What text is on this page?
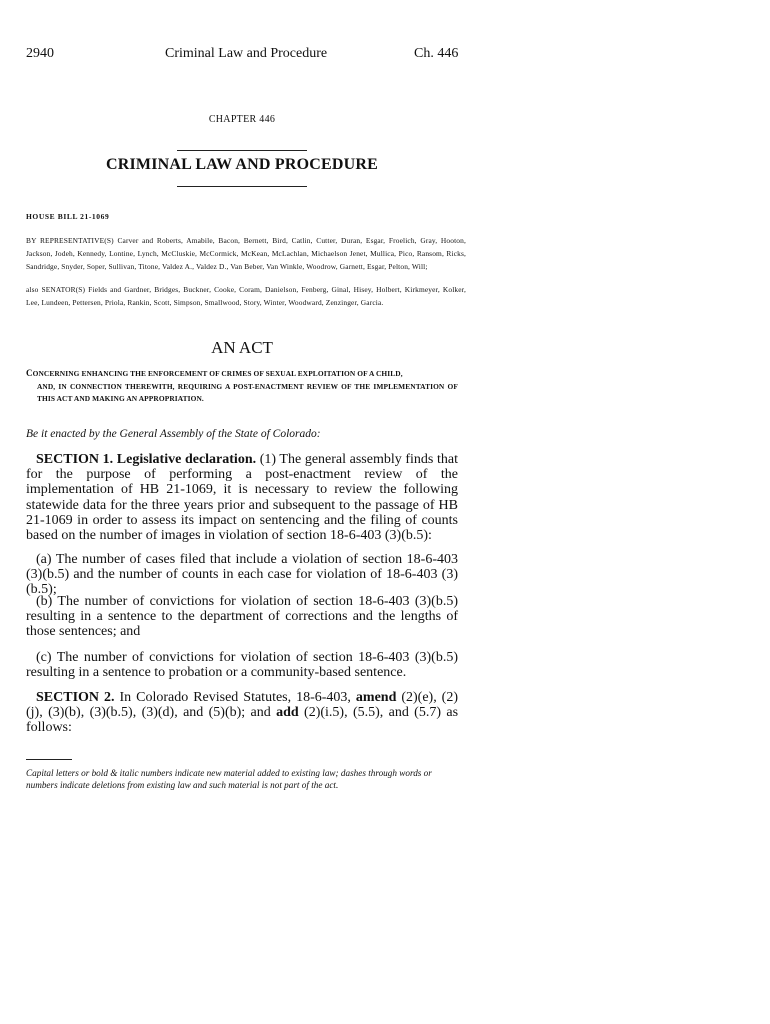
2940	Criminal Law and Procedure	Ch. 446
CHAPTER 446
CRIMINAL LAW AND PROCEDURE
HOUSE BILL 21-1069
BY REPRESENTATIVE(S) Carver and Roberts, Amabile, Bacon, Bernett, Bird, Catlin, Cutter, Duran, Esgar, Froelich, Gray, Hooton, Jackson, Jodeh, Kennedy, Lontine, Lynch, McCluskie, McCormick, McKean, McLachlan, Michaelson Jenet, Mullica, Pico, Ransom, Ricks, Sandridge, Snyder, Soper, Sullivan, Titone, Valdez A., Valdez D., Van Beber, Van Winkle, Woodrow, Garnett, Esgar, Pelton, Will;
also SENATOR(S) Fields and Gardner, Bridges, Buckner, Cooke, Coram, Danielson, Fenberg, Ginal, Hisey, Holbert, Kirkmeyer, Kolker, Lee, Lundeen, Pettersen, Priola, Rankin, Scott, Simpson, Smallwood, Story, Winter, Woodward, Zenzinger, Garcia.
AN ACT
CONCERNING ENHANCING THE ENFORCEMENT OF CRIMES OF SEXUAL EXPLOITATION OF A CHILD,
AND, IN CONNECTION THEREWITH, REQUIRING A POST-ENACTMENT REVIEW OF THE IMPLEMENTATION OF THIS ACT AND MAKING AN APPROPRIATION.
Be it enacted by the General Assembly of the State of Colorado:
SECTION 1. Legislative declaration. (1) The general assembly finds that for the purpose of performing a post-enactment review of the implementation of HB 21-1069, it is necessary to review the following statewide data for the three years prior and subsequent to the passage of HB 21-1069 in order to assess its impact on sentencing and the filing of counts based on the number of images in violation of section 18-6-403 (3)(b.5):
(a) The number of cases filed that include a violation of section 18-6-403 (3)(b.5) and the number of counts in each case for violation of 18-6-403 (3)(b.5);
(b) The number of convictions for violation of section 18-6-403 (3)(b.5) resulting in a sentence to the department of corrections and the lengths of those sentences; and
(c) The number of convictions for violation of section 18-6-403 (3)(b.5) resulting in a sentence to probation or a community-based sentence.
SECTION 2. In Colorado Revised Statutes, 18-6-403, amend (2)(e), (2)(j), (3)(b), (3)(b.5), (3)(d), and (5)(b); and add (2)(i.5), (5.5), and (5.7) as follows:
Capital letters or bold & italic numbers indicate new material added to existing law; dashes through words or numbers indicate deletions from existing law and such material is not part of the act.
